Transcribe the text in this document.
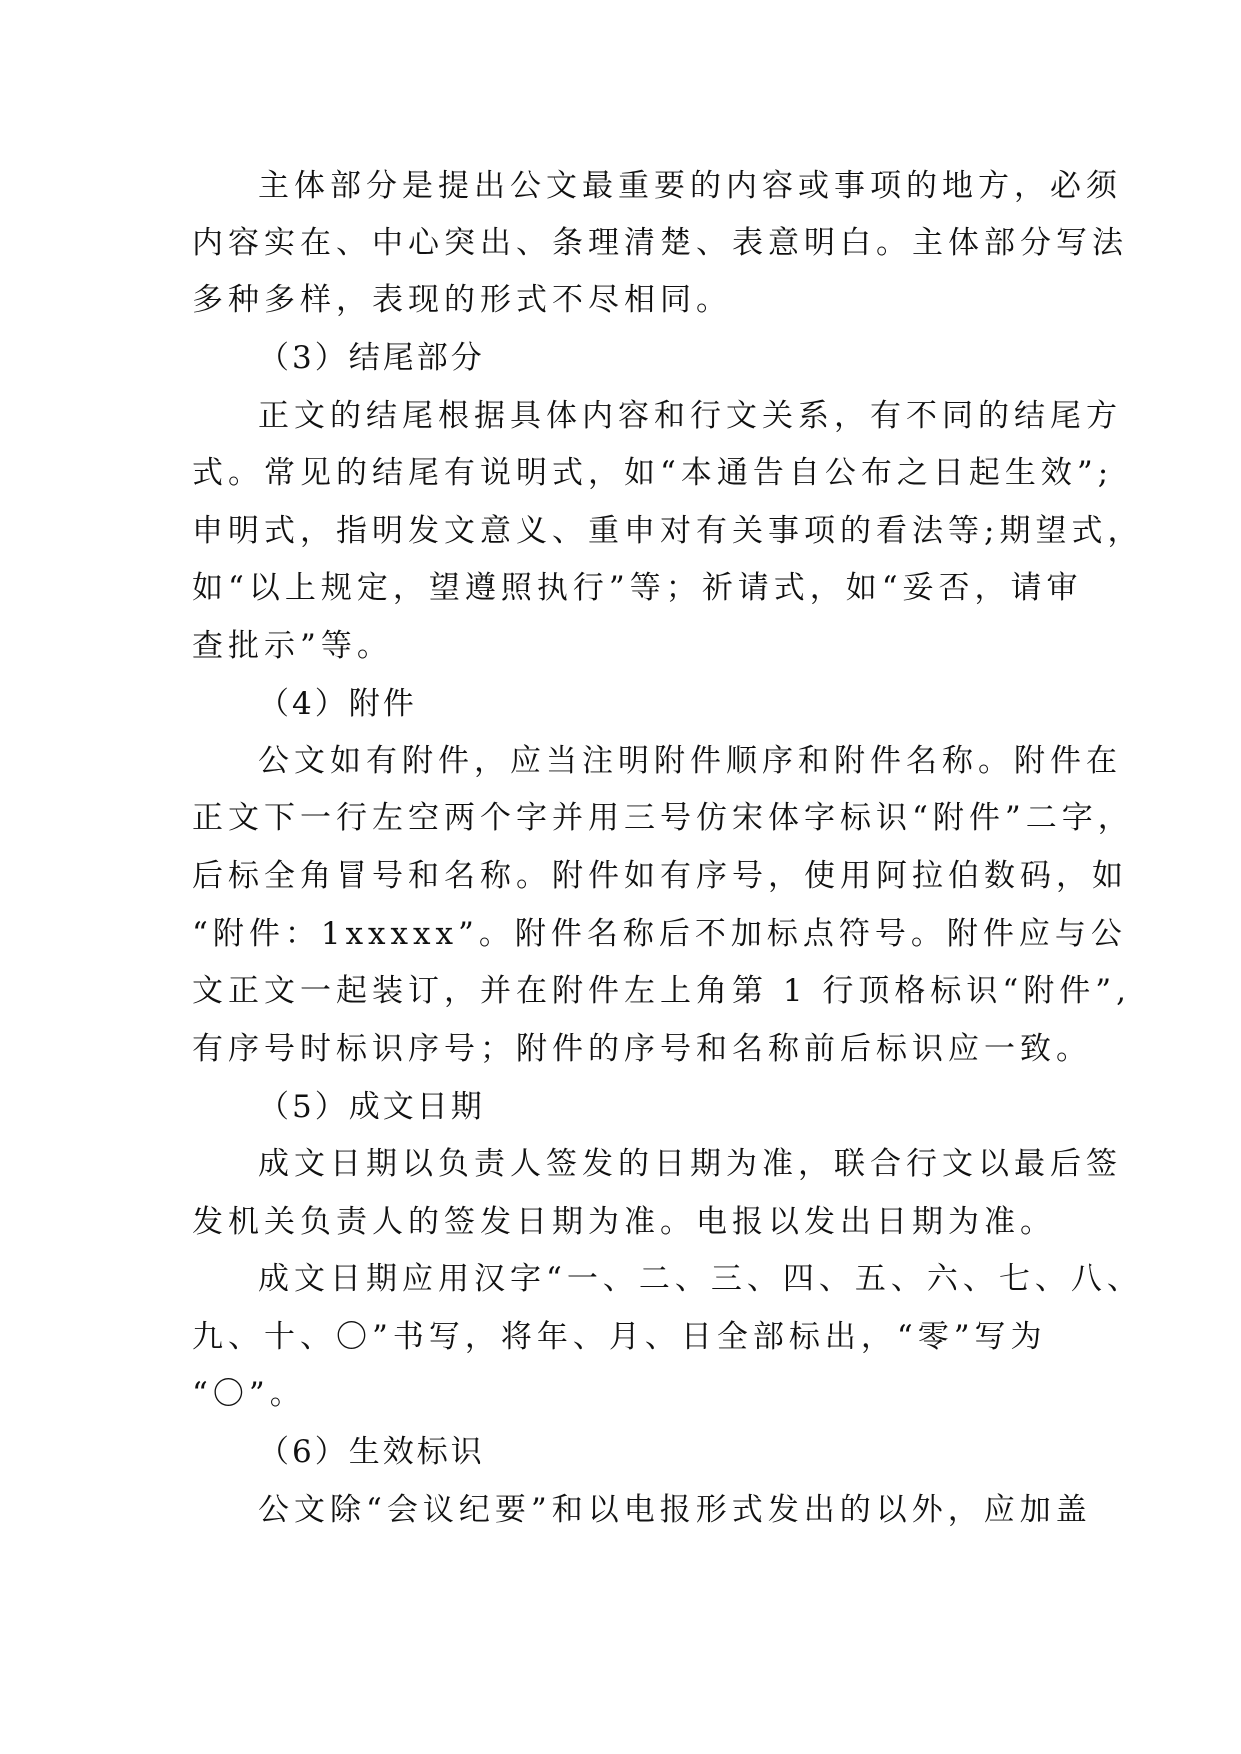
主体部分是提出公文最重要的内容或事项的地方，必须
内容实在、中心突出、条理清楚、表意明白。主体部分写法
多种多样，表现的形式不尽相同。
（3）结尾部分
正文的结尾根据具体内容和行文关系，有不同的结尾方
式。常见的结尾有说明式，如“本通告自公布之日起生效”;
申明式，指明发文意义、重申对有关事项的看法等;期望式，
如“以上规定，望遵照执行”等；祈请式，如“妥否，请审
查批示”等。
（4）附件
公文如有附件，应当注明附件顺序和附件名称。附件在
正文下一行左空两个字并用三号仿宋体字标识“附件”二字，
后标全角冒号和名称。附件如有序号，使用阿拉伯数码，如
“附件：1xxxxx”。附件名称后不加标点符号。附件应与公
文正文一起装订，并在附件左上角第 1 行顶格标识“附件”,
有序号时标识序号；附件的序号和名称前后标识应一致。
（5）成文日期
成文日期以负责人签发的日期为准，联合行文以最后签
发机关负责人的签发日期为准。电报以发出日期为准。
成文日期应用汉字“一、二、三、四、五、六、七、八、
九、十、〇”书写，将年、月、日全部标出，“零”写为
“〇”。
（6）生效标识
公文除“会议纪要”和以电报形式发出的以外，应加盖
